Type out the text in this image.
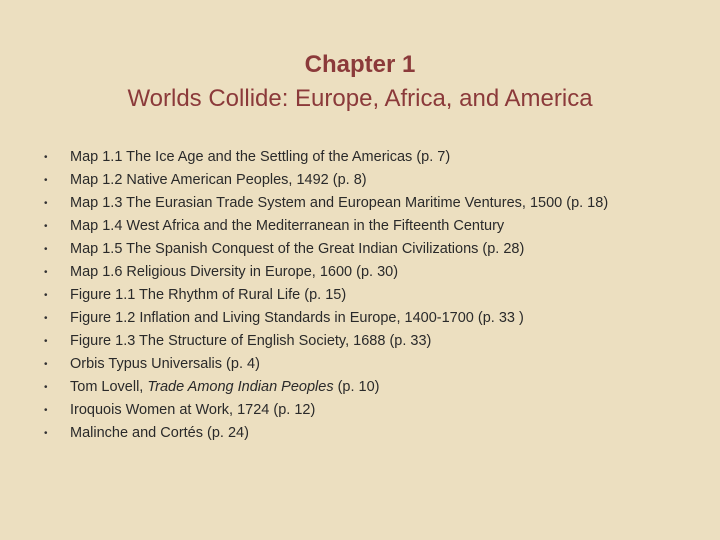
Chapter 1
Worlds Collide: Europe, Africa, and America
• Map 1.1 The Ice Age and the Settling of the Americas (p. 7)
• Map 1.2 Native American Peoples, 1492 (p. 8)
• Map 1.3 The Eurasian Trade System and European Maritime Ventures, 1500 (p. 18)
• Map 1.4 West Africa and the Mediterranean in the Fifteenth Century
• Map 1.5 The Spanish Conquest of the Great Indian Civilizations (p. 28)
• Map 1.6 Religious Diversity in Europe, 1600 (p. 30)
• Figure 1.1 The Rhythm of Rural Life (p. 15)
• Figure 1.2 Inflation and Living Standards in Europe, 1400-1700 (p. 33 )
• Figure 1.3 The Structure of English Society, 1688 (p. 33)
• Orbis Typus Universalis (p. 4)
• Tom Lovell, Trade Among Indian Peoples (p. 10)
• Iroquois Women at Work, 1724 (p. 12)
• Malinche and Cortés (p. 24)
